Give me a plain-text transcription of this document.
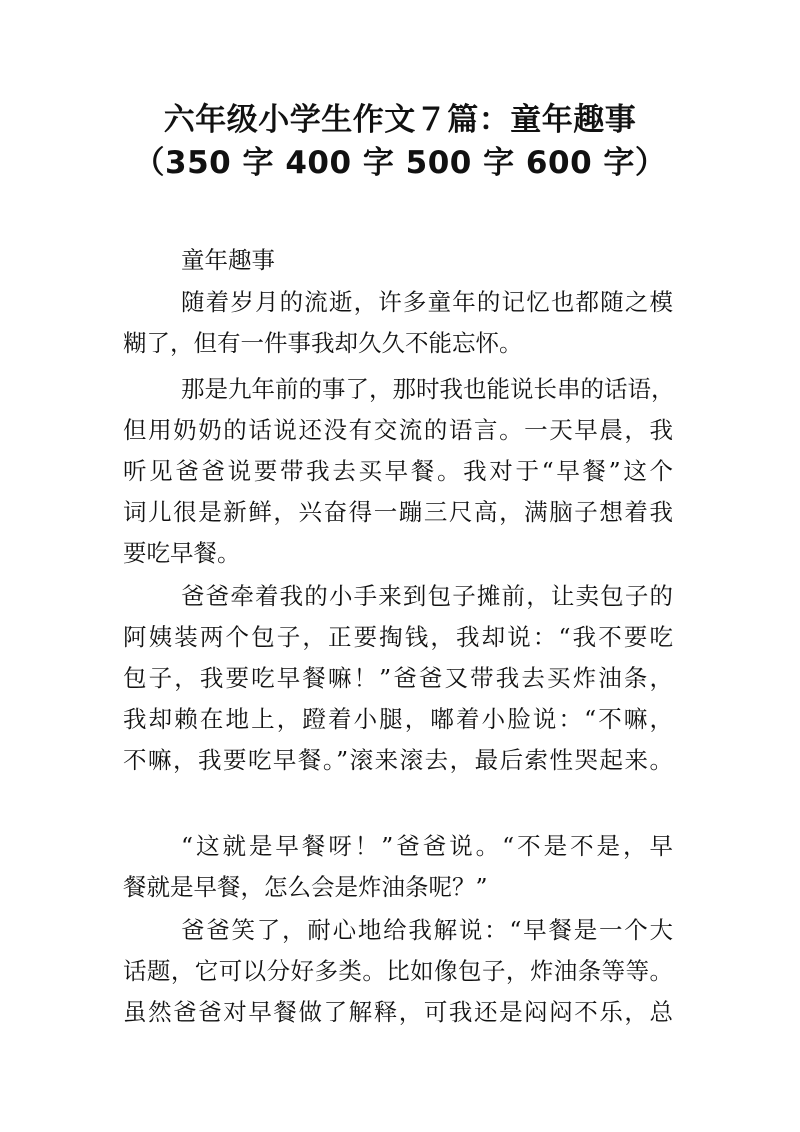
六年级小学生作文７篇：童年趣事
（350 字 400 字 500 字 600 字）
童年趣事
随着岁月的流逝，许多童年的记忆也都随之模
糊了，但有一件事我却久久不能忘怀。
那是九年前的事了，那时我也能说长串的话语，
但用奶奶的话说还没有交流的语言。一天早晨，我
听见爸爸说要带我去买早餐。我对于“早餐”这个
词儿很是新鲜，兴奋得一蹦三尺高，满脑子想着我
要吃早餐。
爸爸牵着我的小手来到包子摊前，让卖包子的
阿姨装两个包子，正要掏钱，我却说：“我不要吃
包子，我要吃早餐嘛！”爸爸又带我去买炸油条，
我却赖在地上，蹬着小腿，嘟着小脸说：“不嘛，
不嘛，我要吃早餐。”滚来滚去，最后索性哭起来。
“这就是早餐呀！”爸爸说。“不是不是，早
餐就是早餐，怎么会是炸油条呢？”
爸爸笑了，耐心地给我解说：“早餐是一个大
话题，它可以分好多类。比如像包子，炸油条等等。
虽然爸爸对早餐做了解释，可我还是闷闷不乐，总
